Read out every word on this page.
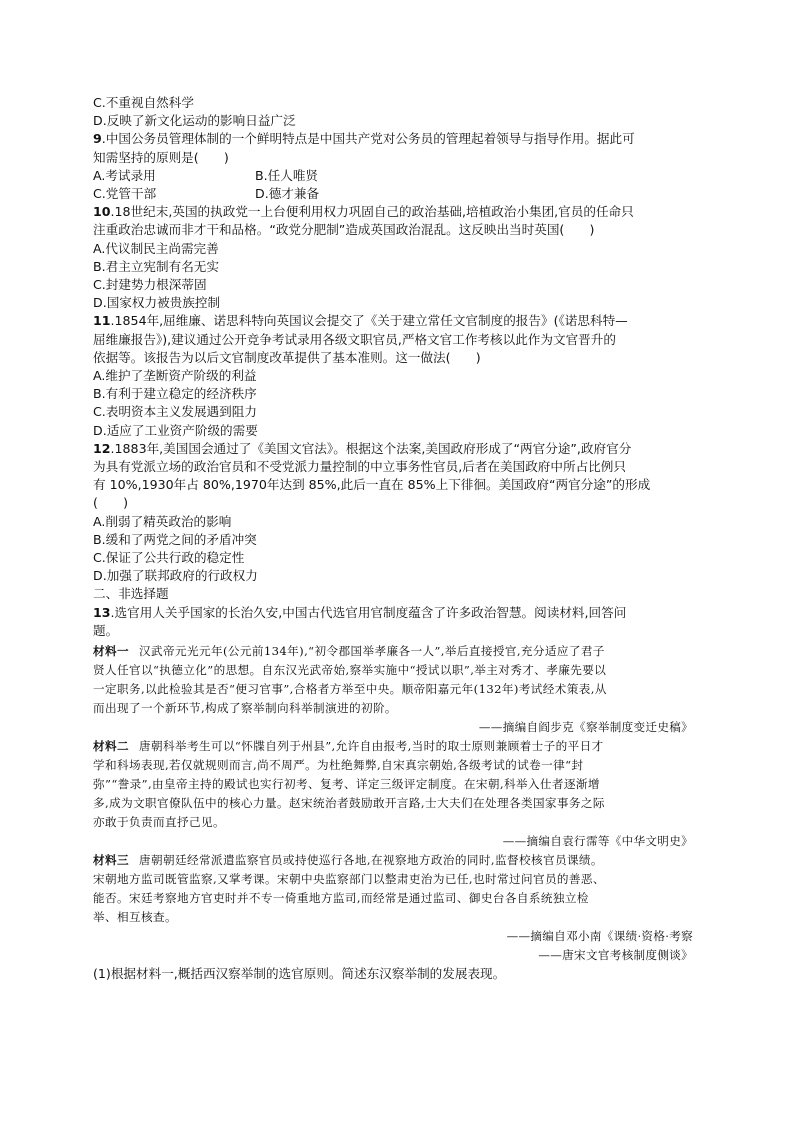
C.不重视自然科学
D.反映了新文化运动的影响日益广泛
9.中国公务员管理体制的一个鲜明特点是中国共产党对公务员的管理起着领导与指导作用。据此可
知需坚持的原则是(　　)
A.考试录用	B.任人唯贤
C.党管干部	D.德才兼备
10.18世纪末,英国的执政党一上台便利用权力巩固自己的政治基础,培植政治小集团,官员的任命只
注重政治忠诚而非才干和品格。“政党分肥制”造成英国政治混乱。这反映出当时英国(　　)
A.代议制民主尚需完善
B.君主立宪制有名无实
C.封建势力根深蒂固
D.国家权力被贵族控制
11.1854年,屈维廉、诺思科特向英国议会提交了《关于建立常任文官制度的报告》(《诺思科特—
屈维廉报告》),建议通过公开竞争考试录用各级文职官员,严格文官工作考核以此作为文官晋升的
依据等。该报告为以后文官制度改革提供了基本准则。这一做法(　　)
A.维护了垄断资产阶级的利益
B.有利于建立稳定的经济秩序
C.表明资本主义发展遇到阻力
D.适应了工业资产阶级的需要
12.1883年,美国国会通过了《美国文官法》。根据这个法案,美国政府形成了“两官分途”,政府官分
为具有党派立场的政治官员和不受党派力量控制的中立事务性官员,后者在美国政府中所占比例只
有 10%,1930年占 80%,1970年达到 85%,此后一直在 85%上下徘徊。美国政府“两官分途”的形成
(　　)
A.削弱了精英政治的影响
B.缓和了两党之间的矛盾冲突
C.保证了公共行政的稳定性
D.加强了联邦政府的行政权力
二、非选择题
13.选官用人关乎国家的长治久安,中国古代选官用官制度蕴含了许多政治智慧。阅读材料,回答问
题。
材料一 汉武帝元光元年(公元前134年),“初令郡国举孝廉各一人”,举后直接授官,充分适应了君子
贤人任官以“执德立化”的思想。自东汉光武帝始,察举实施中“授试以职”,举主对秀才、孝廉先要以
一定职务,以此检验其是否“便习官事”,合格者方举至中央。顺帝阳嘉元年(132年)考试经术策表,从
而出现了一个新环节,构成了察举制向科举制演进的初阶。
——摘编自阎步克《察举制度变迁史稿》
材料二 唐朝科举考生可以“怀牒自列于州县”,允许自由报考,当时的取士原则兼顾着士子的平日才
学和科场表现,若仅就规则而言,尚不周严。为杜绝舞弊,自宋真宗朝始,各级考试的试卷一律“封
弥”“誊录”,由皇帝主持的殿试也实行初考、复考、详定三级评定制度。在宋朝,科举入仕者逐渐增
多,成为文职官僚队伍中的核心力量。赵宋统治者鼓励敢开言路,士大夫们在处理各类国家事务之际
亦敢于负责而直抒己见。
——摘编自袁行霈等《中华文明史》
材料三 唐朝朝廷经常派遣监察官员或持使巡行各地,在视察地方政治的同时,监督校核官员课绩。
宋朝地方监司既管监察,又掌考课。宋朝中央监察部门以整肃吏治为已任,也时常过问官员的善恶、
能否。宋廷考察地方官吏时并不专一倚重地方监司,而经常是通过监司、御史台各自系统独立检
举、相互核查。
——摘编自邓小南《课绩·资格·考察
——唐宋文官考核制度侧谈》
(1)根据材料一,概括西汉察举制的选官原则。简述东汉察举制的发展表现。
